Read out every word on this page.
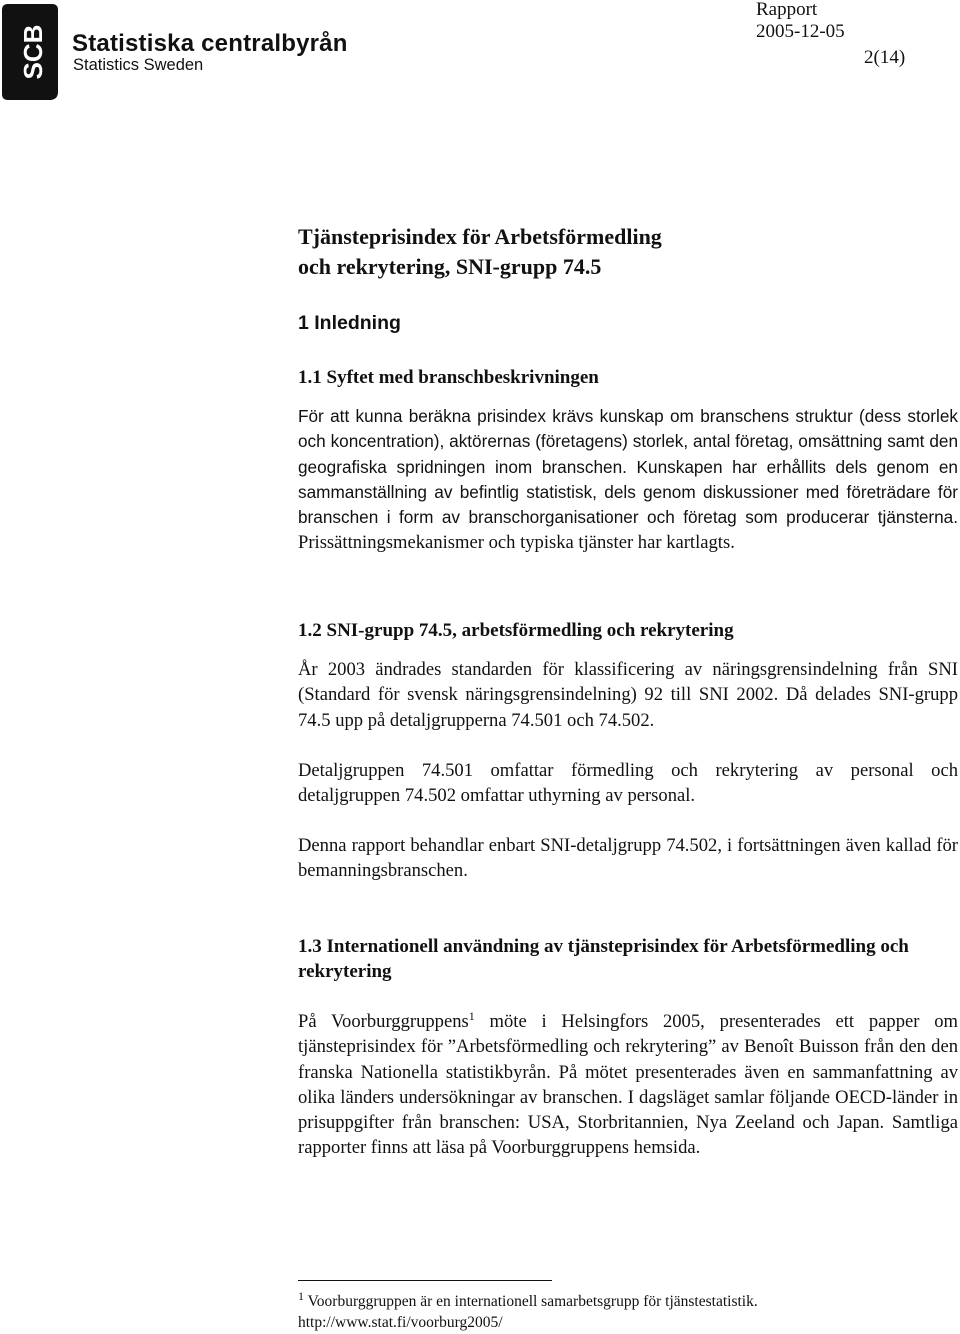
SCB Statistiska centralbyrån
Statistics Sweden
Rapport
2005-12-05
2(14)
Tjänsteprisindex för Arbetsförmedling
och rekrytering, SNI-grupp 74.5
1 Inledning
1.1 Syftet med branschbeskrivningen
För att kunna beräkna prisindex krävs kunskap om branschens struktur (dess storlek och koncentration), aktörernas (företagens) storlek, antal företag, omsättning samt den geografiska spridningen inom branschen. Kunskapen har erhållits dels genom en sammanställning av befintlig statistisk, dels genom diskussioner med företrädare för branschen i form av branschorganisationer och företag som producerar tjänsterna. Prissättningsmekanismer och typiska tjänster har kartlagts.
1.2 SNI-grupp 74.5, arbetsförmedling och rekrytering
År 2003 ändrades standarden för klassificering av näringsgrensindelning från SNI (Standard för svensk näringsgrensindelning) 92 till SNI 2002. Då delades SNI-grupp 74.5 upp på detaljgrupperna 74.501 och 74.502.
Detaljgruppen 74.501 omfattar förmedling och rekrytering av personal och detaljgruppen 74.502 omfattar uthyrning av personal.
Denna rapport behandlar enbart SNI-detaljgrupp 74.502, i fortsättningen även kallad för bemanningsbranschen.
1.3 Internationell användning av tjänsteprisindex för Arbetsförmedling och rekrytering
På Voorburggruppens$^1$ möte i Helsingfors 2005, presenterades ett papper om tjänsteprisindex för ”Arbetsförmedling och rekrytering” av Benoît Buisson från den den franska Nationella statistikbyrån. På mötet presenterades även en sammanfattning av olika länders undersökningar av branschen. I dagsläget samlar följande OECD-länder in prisuppgifter från branschen: USA, Storbritannien, Nya Zeeland och Japan. Samtliga rapporter finns att läsa på Voorburggruppens hemsida.
$^1$ Voorburggruppen är en internationell samarbetsgrupp för tjänstestatistik.
http://www.stat.fi/voorburg2005/
